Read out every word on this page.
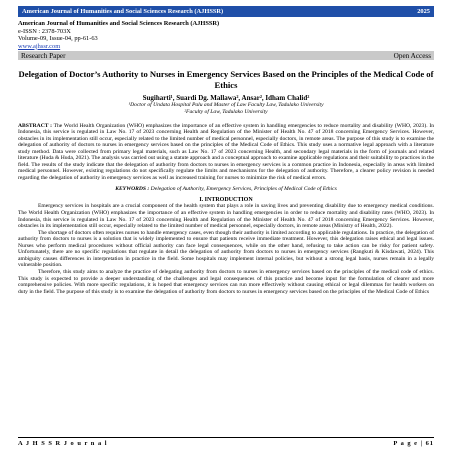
American Journal of Humanities and Social Sciences Research (AJHSSR)	2025
American Journal of Humanities and Social Sciences Research (AJHSSR)
e-ISSN : 2378-703X
Volume-09, Issue-04, pp-61-63
www.ajhssr.com
Research Paper	Open Access
Delegation of Doctor’s Authority to Nurses in Emergency Services Based on the Principles of the Medical Code of Ethics
Sugiharti¹, Suardi Dg. Mallawa², Ansar², Idham Chalid²
¹Doctor of Undata Hospital Palu and Master of Law Faculty Law, Tadulako University
²Faculty of Law, Tadulako University
ABSTRACT : The World Health Organization (WHO) emphasizes the importance of an effective system in handling emergencies to reduce mortality and disability (WHO, 2023). In Indonesia, this service is regulated in Law No. 17 of 2023 concerning Health and Regulation of the Minister of Health No. 47 of 2018 concerning Emergency Services. However, obstacles in its implementation still occur, especially related to the limited number of medical personnel, especially doctors, in remote areas. The purpose of this study is to examine the delegation of authority of doctors to nurses in emergency services based on the principles of the Medical Code of Ethics. This study uses a normative legal approach with a literature study method. Data were collected from primary legal materials, such as Law No. 17 of 2023 concerning Health, and secondary legal materials in the form of journals and related literature (Huda & Huda, 2021). The analysis was carried out using a statute approach and a conceptual approach to examine applicable regulations and their suitability to practices in the field. The results of the study indicate that the delegation of authority from doctors to nurses in emergency services is a common practice in Indonesia, especially in areas with limited medical personnel. However, existing regulations do not specifically regulate the limits and mechanisms for the delegation of authority. Therefore, a clearer policy revision is needed regarding the delegation of authority in emergency services as well as increased training for nurses to minimize the risk of medical errors.
KEYWORDS : Delegation of Authority, Emergency Services, Principles of Medical Code of Ethics
I. INTRODUCTION

Emergency services in hospitals are a crucial component of the health system that plays a role in saving lives and preventing disability due to emergency medical conditions. The World Health Organization (WHO) emphasizes the importance of an effective system in handling emergencies in order to reduce mortality and disability rates (WHO, 2023). In Indonesia, this service is regulated in Law No. 17 of 2023 concerning Health and Regulation of the Minister of Health No. 47 of 2018 concerning Emergency Services. However, obstacles in its implementation still occur, especially related to the limited number of medical personnel, especially doctors, in remote areas (Ministry of Health, 2022).

The shortage of doctors often requires nurses to handle emergency cases, even though their authority is limited according to applicable regulations. In practice, the delegation of authority from doctors to nurses is a solution that is widely implemented to ensure that patients receive immediate treatment. However, this delegation raises ethical and legal issues. Nurses who perform medical procedures without official authority can face legal consequences, while on the other hand, refusing to take action can be risky for patient safety. Unfortunately, there are no specific regulations that regulate in detail the delegation of authority from doctors to nurses in emergency services (Rangkuti & Kisdawati, 2024). This ambiguity causes differences in interpretation in practice in the field. Some hospitals may implement internal policies, but without a strong legal basis, nurses remain in a legally vulnerable position.

Therefore, this study aims to analyze the practice of delegating authority from doctors to nurses in emergency services based on the principles of the medical code of ethics. This study is expected to provide a deeper understanding of the challenges and legal consequences of this practice and become input for the formulation of clearer and more comprehensive policies. With more specific regulations, it is hoped that emergency services can run more effectively without causing ethical or legal dilemmas for health workers on duty in the field. The purpose of this study is to examine the delegation of authority from doctors to nurses in emergency services based on the principles of the Medical Code of Ethics

A J H S S R J o u r n a l	P a g e | 61
